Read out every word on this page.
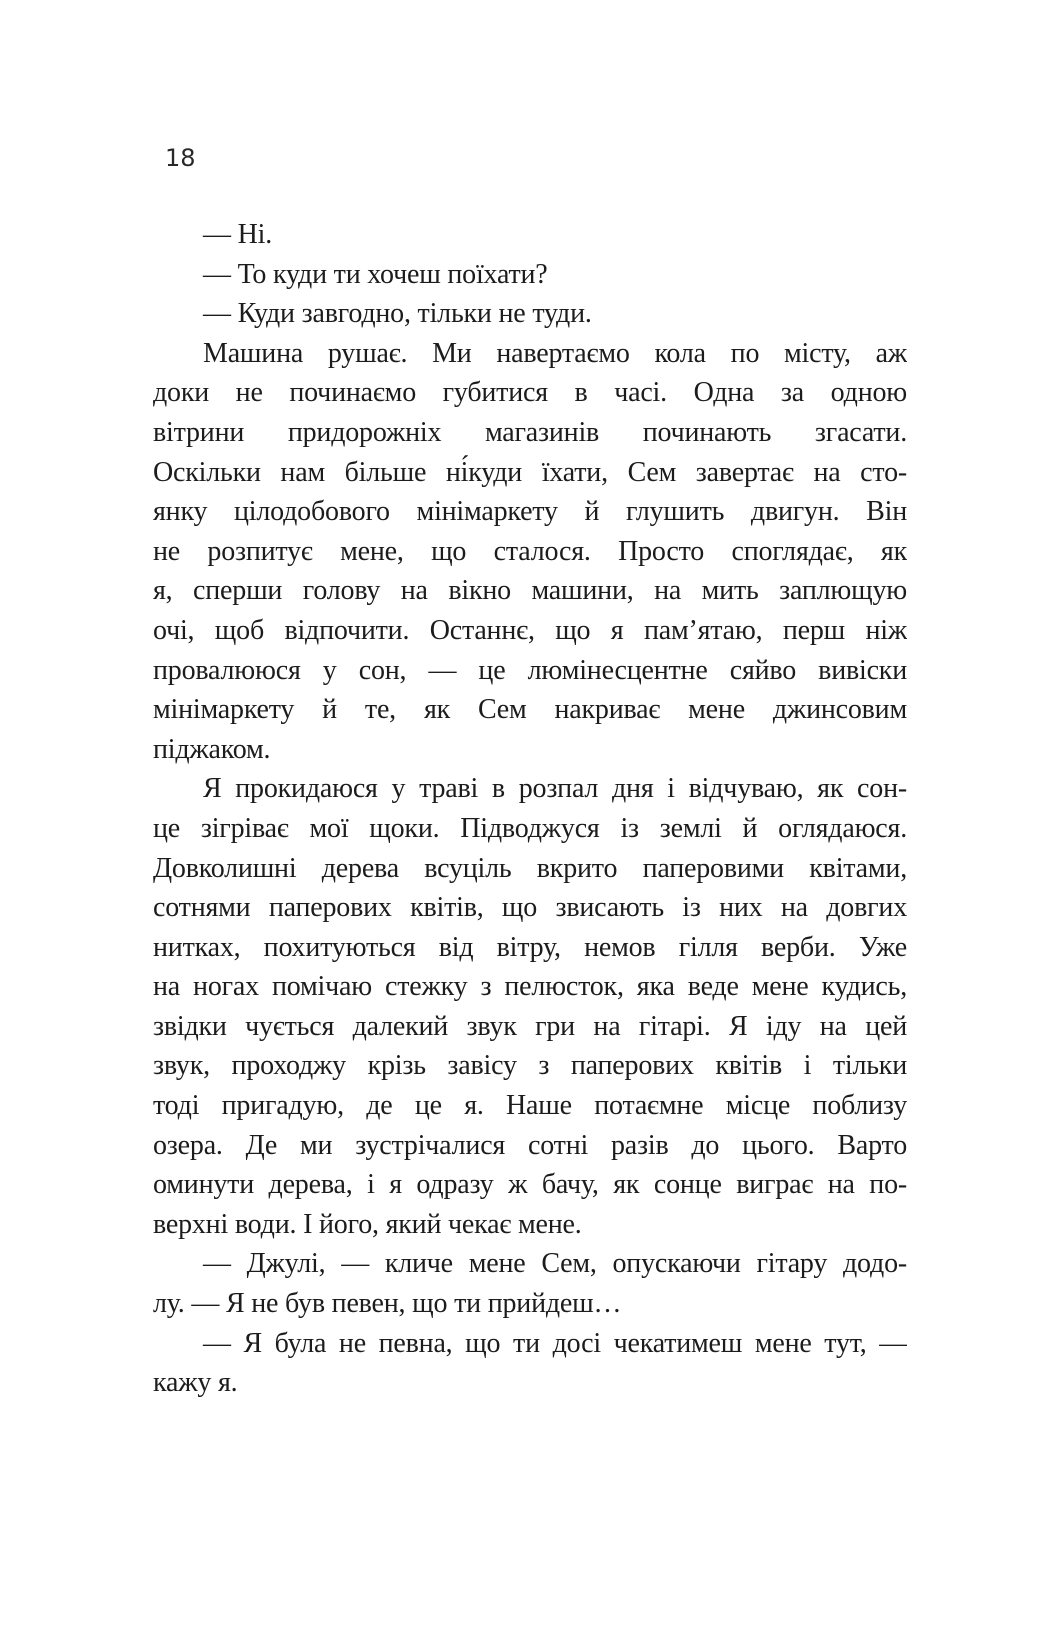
18
— Ні.
— То куди ти хочеш поїхати?
— Куди завгодно, тільки не туди.
Машина рушає. Ми навертаємо кола по місту, аж
доки не починаємо губитися в часі. Одна за одною
вітрини придорожніх магазинів починають згасати.
Оскільки нам більше ні́куди їхати, Сем завертає на сто-
янку цілодобового мінімаркету й глушить двигун. Він
не розпитує мене, що сталося. Просто споглядає, як
я, сперши голову на вікно машини, на мить заплющую
очі, щоб відпочити. Останнє, що я пам’ятаю, перш ніж
провалююся у сон, — це люмінесцентне сяйво вивіски
мінімаркету й те, як Сем накриває мене джинсовим
піджаком.
Я прокидаюся у траві в розпал дня і відчуваю, як сон-
це зігріває мої щоки. Підводжуся із землі й оглядаюся.
Довколишні дерева всуціль вкрито паперовими квітами,
сотнями паперових квітів, що звисають із них на довгих
нитках, похитуються від вітру, немов гілля верби. Уже
на ногах помічаю стежку з пелюсток, яка веде мене кудись,
звідки чується далекий звук гри на гітарі. Я іду на цей
звук, проходжу крізь завісу з паперових квітів і тільки
тоді пригадую, де це я. Наше потаємне місце поблизу
озера. Де ми зустрічалися сотні разів до цього. Варто
оминути дерева, і я одразу ж бачу, як сонце виграє на по-
верхні води. І його, який чекає мене.
— Джулі, — кличе мене Сем, опускаючи гітару додо-
лу. — Я не був певен, що ти прийдеш…
— Я була не певна, що ти досі чекатимеш мене тут, —
кажу я.
